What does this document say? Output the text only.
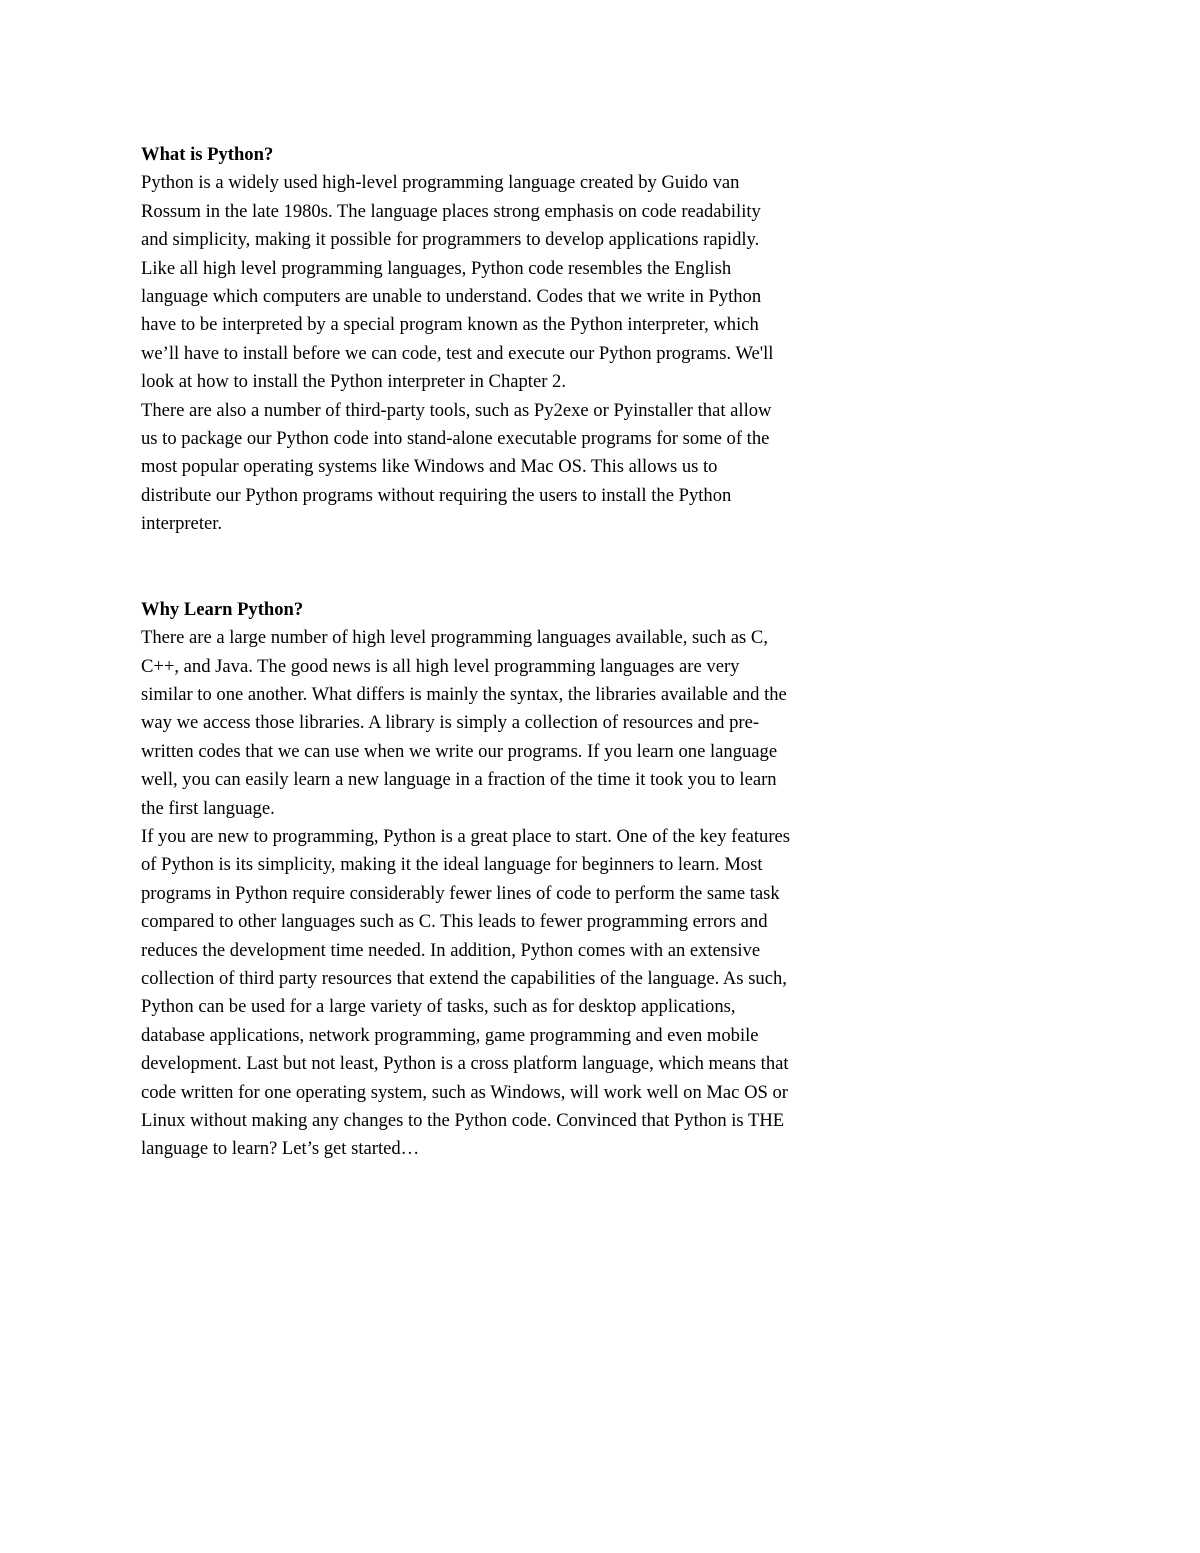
What is Python?

Python is a widely used high-level programming language created by Guido van Rossum in the late 1980s. The language places strong emphasis on code readability and simplicity, making it possible for programmers to develop applications rapidly.

Like all high level programming languages, Python code resembles the English language which computers are unable to understand. Codes that we write in Python have to be interpreted by a special program known as the Python interpreter, which we’ll have to install before we can code, test and execute our Python programs. We'll look at how to install the Python interpreter in Chapter 2.

There are also a number of third-party tools, such as Py2exe or Pyinstaller that allow us to package our Python code into stand-alone executable programs for some of the most popular operating systems like Windows and Mac OS. This allows us to distribute our Python programs without requiring the users to install the Python interpreter.

Why Learn Python?

There are a large number of high level programming languages available, such as C, C++, and Java. The good news is all high level programming languages are very similar to one another. What differs is mainly the syntax, the libraries available and the way we access those libraries. A library is simply a collection of resources and pre-written codes that we can use when we write our programs. If you learn one language well, you can easily learn a new language in a fraction of the time it took you to learn the first language.

If you are new to programming, Python is a great place to start. One of the key features of Python is its simplicity, making it the ideal language for beginners to learn. Most programs in Python require considerably fewer lines of code to perform the same task compared to other languages such as C. This leads to fewer programming errors and reduces the development time needed. In addition, Python comes with an extensive collection of third party resources that extend the capabilities of the language. As such, Python can be used for a large variety of tasks, such as for desktop applications, database applications, network programming, game programming and even mobile development. Last but not least, Python is a cross platform language, which means that code written for one operating system, such as Windows, will work well on Mac OS or Linux without making any changes to the Python code. Convinced that Python is THE language to learn? Let’s get started…
